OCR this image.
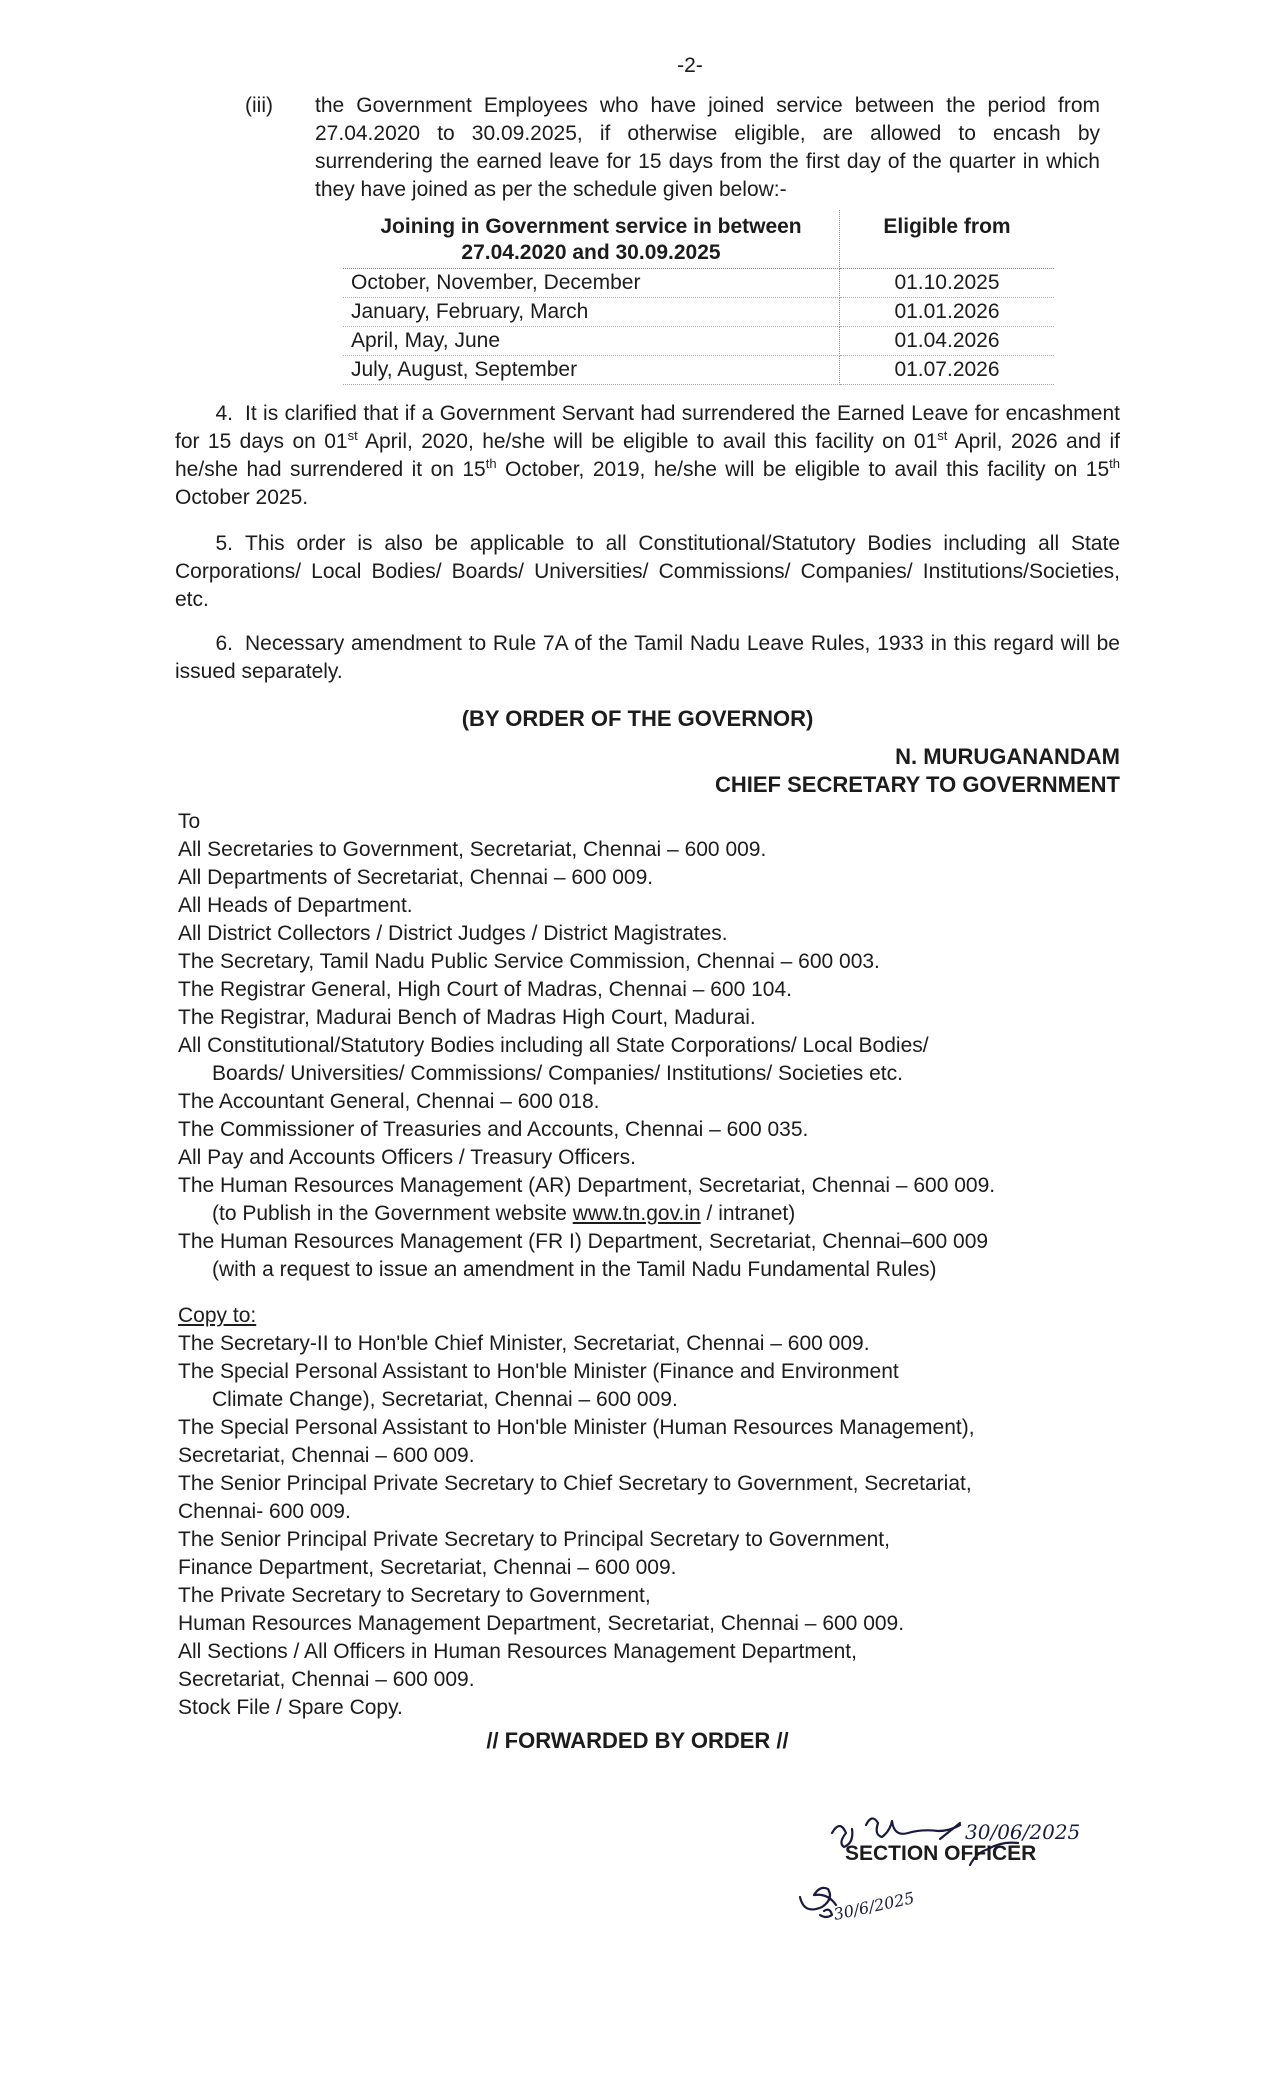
-2-
(iii) the Government Employees who have joined service between the period from 27.04.2020 to 30.09.2025, if otherwise eligible, are allowed to encash by surrendering the earned leave for 15 days from the first day of the quarter in which they have joined as per the schedule given below:-
Joining in Government service in between 27.04.2020 and 30.09.2025	Eligible from
October, November, December	01.10.2025
January, February, March	01.01.2026
April, May, June	01.04.2026
July, August, September	01.07.2026
4. It is clarified that if a Government Servant had surrendered the Earned Leave for encashment for 15 days on 01st April, 2020, he/she will be eligible to avail this facility on 01st April, 2026 and if he/she had surrendered it on 15th October, 2019, he/she will be eligible to avail this facility on 15th October 2025.
5. This order is also be applicable to all Constitutional/Statutory Bodies including all State Corporations/ Local Bodies/ Boards/ Universities/ Commissions/ Companies/ Institutions/Societies, etc.
6. Necessary amendment to Rule 7A of the Tamil Nadu Leave Rules, 1933 in this regard will be issued separately.
(BY ORDER OF THE GOVERNOR)
N. MURUGANANDAM
CHIEF SECRETARY TO GOVERNMENT
To
All Secretaries to Government, Secretariat, Chennai – 600 009.
All Departments of Secretariat, Chennai – 600 009.
All Heads of Department.
All District Collectors / District Judges / District Magistrates.
The Secretary, Tamil Nadu Public Service Commission, Chennai – 600 003.
The Registrar General, High Court of Madras, Chennai – 600 104.
The Registrar, Madurai Bench of Madras High Court, Madurai.
All Constitutional/Statutory Bodies including all State Corporations/ Local Bodies/
Boards/ Universities/ Commissions/ Companies/ Institutions/ Societies etc.
The Accountant General, Chennai – 600 018.
The Commissioner of Treasuries and Accounts, Chennai – 600 035.
All Pay and Accounts Officers / Treasury Officers.
The Human Resources Management (AR) Department, Secretariat, Chennai – 600 009.
(to Publish in the Government website www.tn.gov.in / intranet)
The Human Resources Management (FR I) Department, Secretariat, Chennai–600 009
(with a request to issue an amendment in the Tamil Nadu Fundamental Rules)
Copy to:
The Secretary-II to Hon'ble Chief Minister, Secretariat, Chennai – 600 009.
The Special Personal Assistant to Hon'ble Minister (Finance and Environment
Climate Change), Secretariat, Chennai – 600 009.
The Special Personal Assistant to Hon'ble Minister (Human Resources Management),
Secretariat, Chennai – 600 009.
The Senior Principal Private Secretary to Chief Secretary to Government, Secretariat,
Chennai- 600 009.
The Senior Principal Private Secretary to Principal Secretary to Government,
Finance Department, Secretariat, Chennai – 600 009.
The Private Secretary to Secretary to Government,
Human Resources Management Department, Secretariat, Chennai – 600 009.
All Sections / All Officers in Human Resources Management Department,
Secretariat, Chennai – 600 009.
Stock File / Spare Copy.
// FORWARDED BY ORDER //
30/06/2025
30/6/2025
SECTION OFFICER
